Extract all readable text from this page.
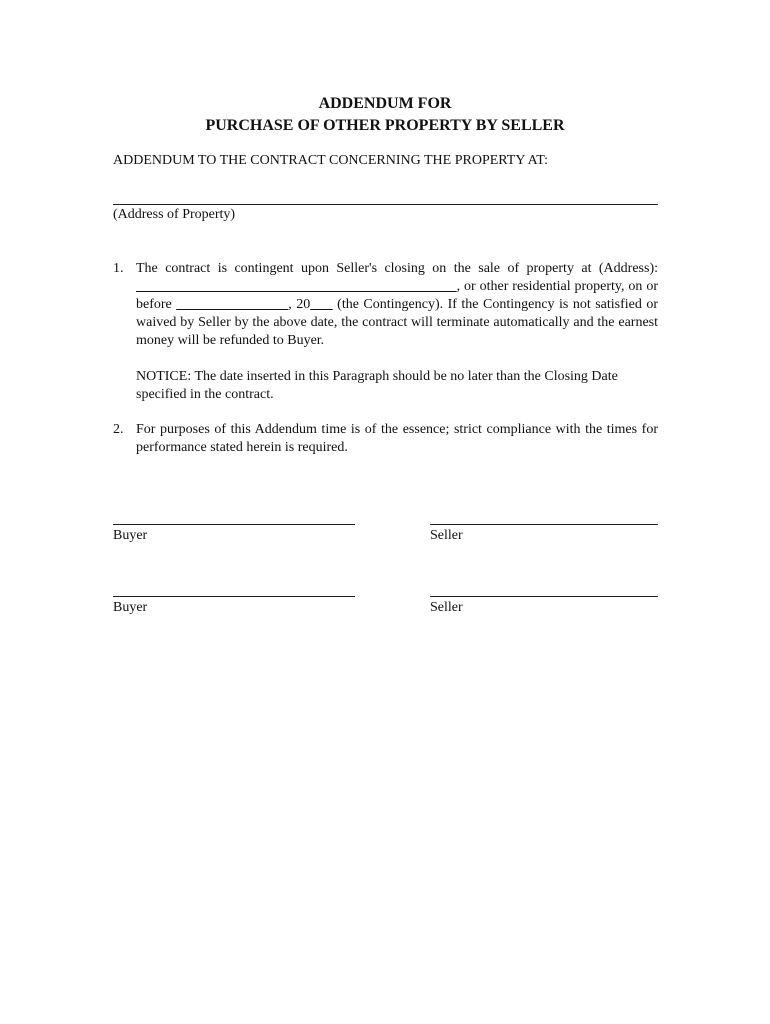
ADDENDUM FOR
PURCHASE OF OTHER PROPERTY BY SELLER
ADDENDUM TO THE CONTRACT CONCERNING THE PROPERTY AT:
(Address of Property)
1. The contract is contingent upon Seller's closing on the sale of property at (Address):                                                                                  , or other residential property, on or before	, 20      (the Contingency). If the Contingency is not satisfied or waived by Seller by the above date, the contract will terminate automatically and the earnest money will be refunded to Buyer.
NOTICE: The date inserted in this Paragraph should be no later than the Closing Date specified in the contract.
2. For purposes of this Addendum time is of the essence; strict compliance with the times for performance stated herein is required.
Buyer	Seller
Buyer	Seller
